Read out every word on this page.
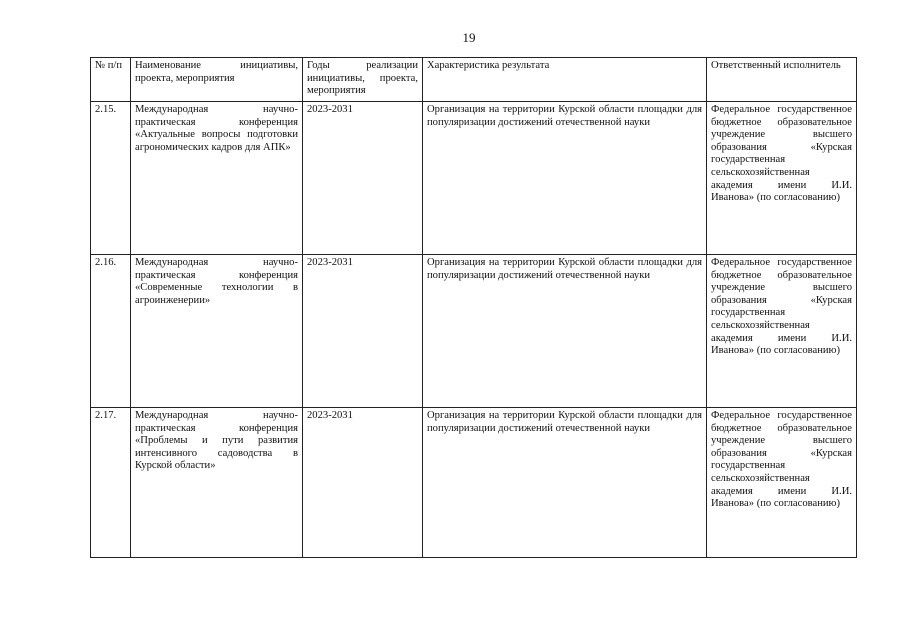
19
№ п/п	Наименование инициативы, проекта, мероприятия	Годы реализации инициативы, проекта, мероприятия	Характеристика результата	Ответственный исполнитель
2.15.	Международная научно-практическая конференция «Актуальные вопросы подготовки агрономических кадров для АПК»	2023-2031	Организация на территории Курской области площадки для популяризации достижений отечественной науки	Федеральное государственное бюджетное образовательное учреждение высшего образования «Курская государственная сельскохозяйственная академия имени И.И. Иванова» (по согласованию)
2.16.	Международная научно-практическая конференция «Современные технологии в агроинженерии»	2023-2031	Организация на территории Курской области площадки для популяризации достижений отечественной науки	Федеральное государственное бюджетное образовательное учреждение высшего образования «Курская государственная сельскохозяйственная академия имени И.И. Иванова» (по согласованию)
2.17.	Международная научно-практическая конференция «Проблемы и пути развития интенсивного садоводства в Курской области»	2023-2031	Организация на территории Курской области площадки для популяризации достижений отечественной науки	Федеральное государственное бюджетное образовательное учреждение высшего образования «Курская государственная сельскохозяйственная академия имени И.И. Иванова» (по согласованию)
